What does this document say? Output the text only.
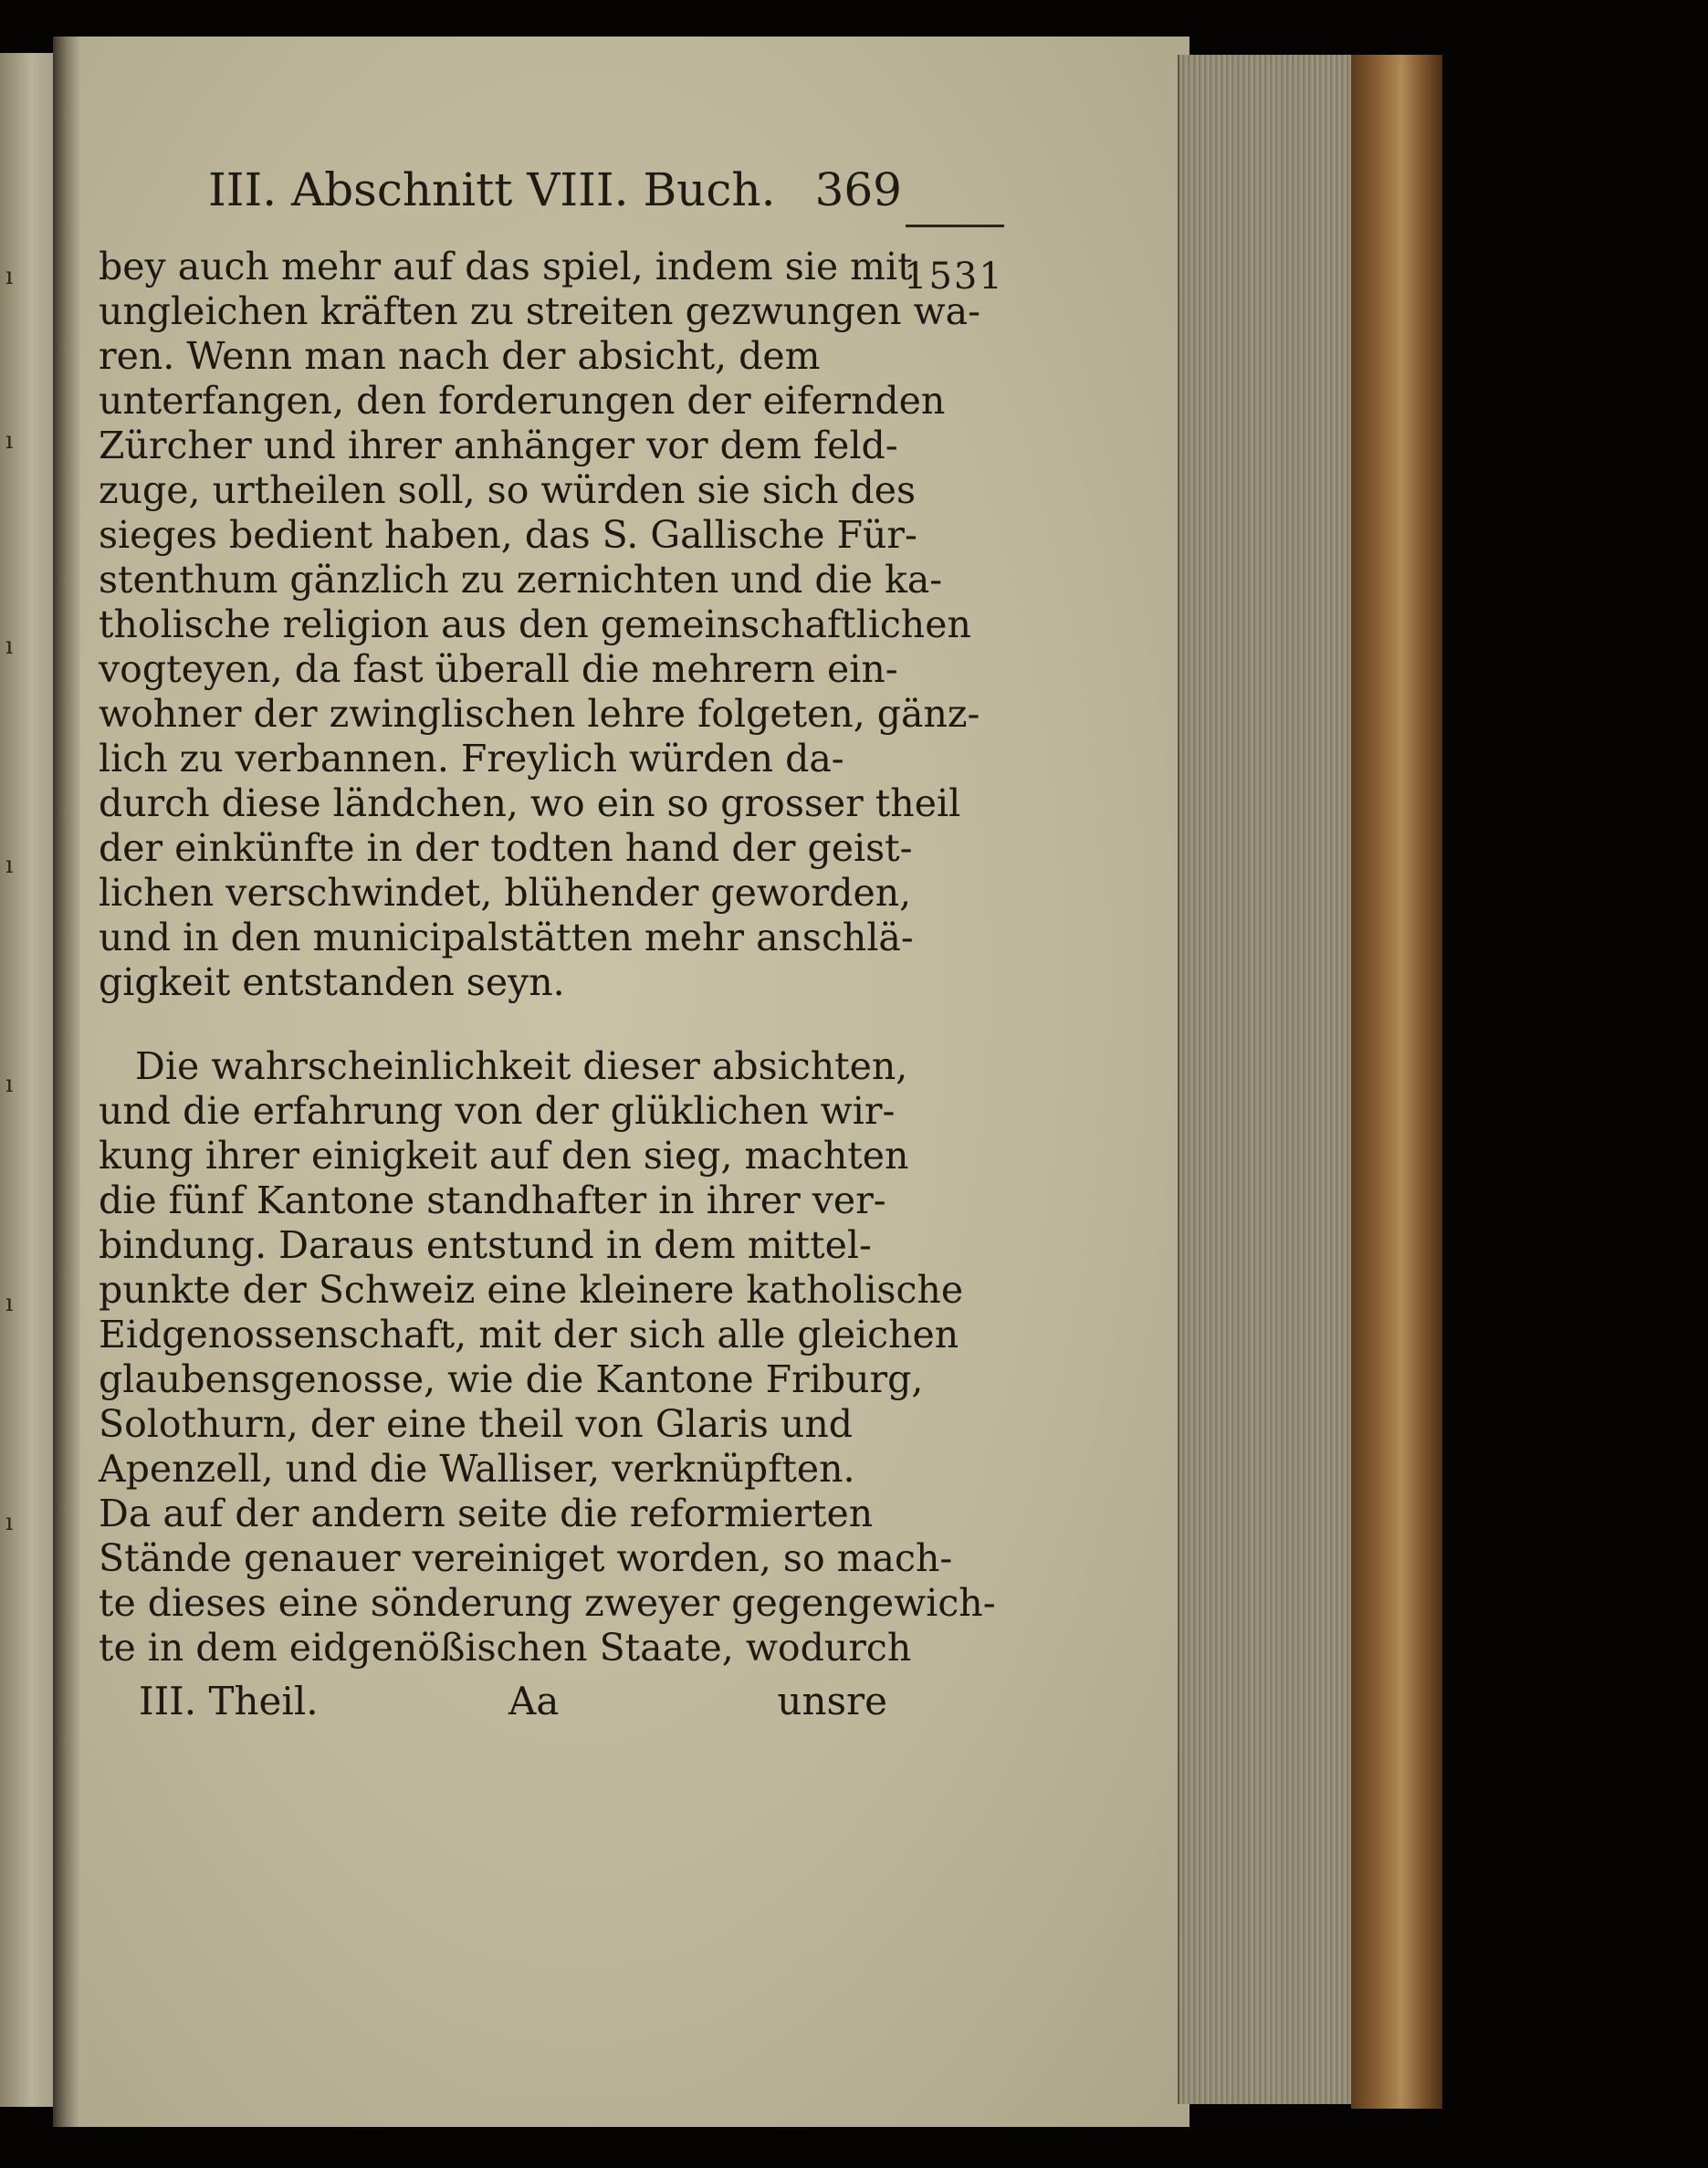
ı
ı
ı
ı
ı
ı
ı
III. Abschnitt VIII. Buch. 369
1531
bey auch mehr auf das spiel, indem sie mit
ungleichen kräften zu streiten gezwungen wa-
ren. Wenn man nach der absicht, dem
unterfangen, den forderungen der eifernden
Zürcher und ihrer anhänger vor dem feld-
zuge, urtheilen soll, so würden sie sich des
sieges bedient haben, das S. Gallische Für-
stenthum gänzlich zu zernichten und die ka-
tholische religion aus den gemeinschaftlichen
vogteyen, da fast überall die mehrern ein-
wohner der zwinglischen lehre folgeten, gänz-
lich zu verbannen. Freylich würden da-
durch diese ländchen, wo ein so grosser theil
der einkünfte in der todten hand der geist-
lichen verschwindet, blühender geworden,
und in den municipalstätten mehr anschlä-
gigkeit entstanden seyn.
Die wahrscheinlichkeit dieser absichten,
und die erfahrung von der glüklichen wir-
kung ihrer einigkeit auf den sieg, machten
die fünf Kantone standhafter in ihrer ver-
bindung. Daraus entstund in dem mittel-
punkte der Schweiz eine kleinere katholische
Eidgenossenschaft, mit der sich alle gleichen
glaubensgenosse, wie die Kantone Friburg,
Solothurn, der eine theil von Glaris und
Apenzell, und die Walliser, verknüpften.
Da auf der andern seite die reformierten
Stände genauer vereiniget worden, so mach-
te dieses eine sönderung zweyer gegengewich-
te in dem eidgenößischen Staate, wodurch
III. Theil.	Aa	unsre
